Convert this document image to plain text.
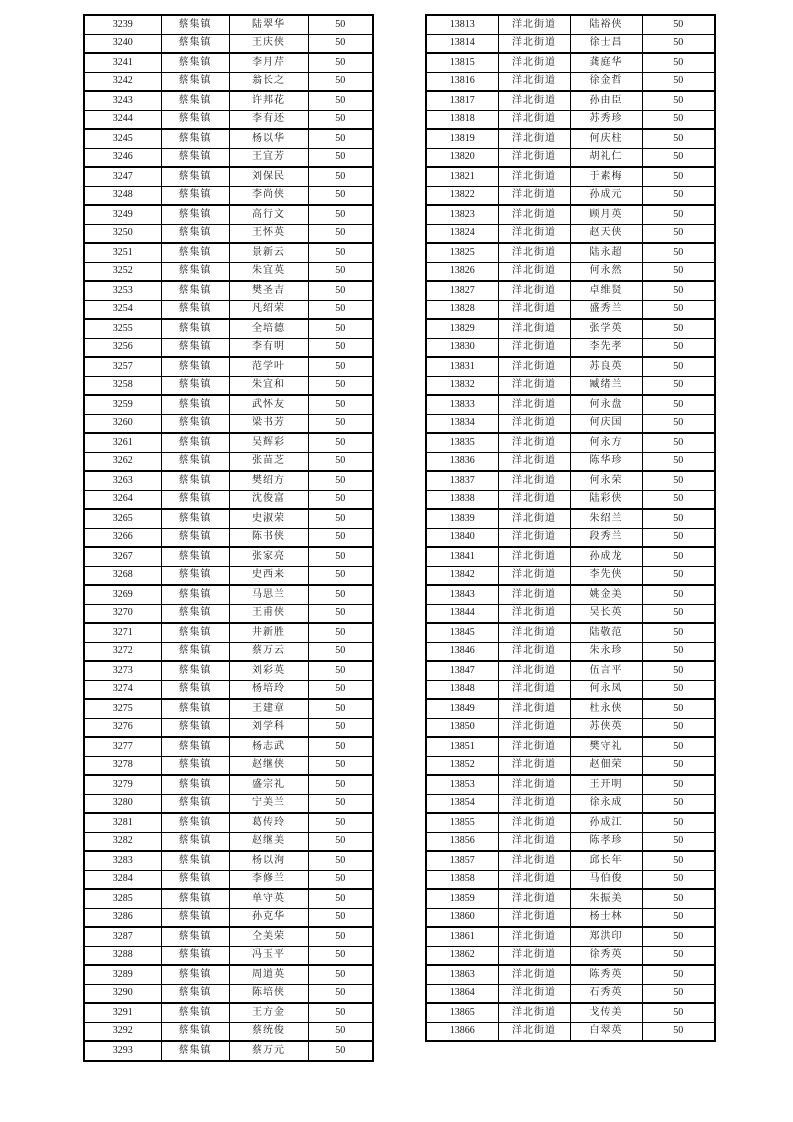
3239	蔡集镇	陆翠华	50
3240	蔡集镇	王庆侠	50
3241	蔡集镇	李月芹	50
3242	蔡集镇	翁长之	50
3243	蔡集镇	许邦花	50
3244	蔡集镇	李有还	50
3245	蔡集镇	杨以华	50
3246	蔡集镇	王宜芳	50
3247	蔡集镇	刘保民	50
3248	蔡集镇	李尚侠	50
3249	蔡集镇	高行文	50
3250	蔡集镇	王怀英	50
3251	蔡集镇	景新云	50
3252	蔡集镇	朱宜英	50
3253	蔡集镇	樊圣吉	50
3254	蔡集镇	凡绍荣	50
3255	蔡集镇	全培德	50
3256	蔡集镇	李有明	50
3257	蔡集镇	范学叶	50
3258	蔡集镇	朱宜和	50
3259	蔡集镇	武怀友	50
3260	蔡集镇	梁书芳	50
3261	蔡集镇	吴辉彩	50
3262	蔡集镇	张苗芝	50
3263	蔡集镇	樊绍方	50
3264	蔡集镇	沈俊富	50
3265	蔡集镇	史淑荣	50
3266	蔡集镇	陈书侠	50
3267	蔡集镇	张家亮	50
3268	蔡集镇	史西来	50
3269	蔡集镇	马思兰	50
3270	蔡集镇	王甫侠	50
3271	蔡集镇	井新胜	50
3272	蔡集镇	蔡万云	50
3273	蔡集镇	刘彩英	50
3274	蔡集镇	杨培玲	50
3275	蔡集镇	王建章	50
3276	蔡集镇	刘学科	50
3277	蔡集镇	杨志武	50
3278	蔡集镇	赵继侠	50
3279	蔡集镇	盛宗礼	50
3280	蔡集镇	宁美兰	50
3281	蔡集镇	葛传玲	50
3282	蔡集镇	赵继美	50
3283	蔡集镇	杨以洵	50
3284	蔡集镇	李修兰	50
3285	蔡集镇	单守英	50
3286	蔡集镇	孙克华	50
3287	蔡集镇	仝美荣	50
3288	蔡集镇	冯玉平	50
3289	蔡集镇	周道英	50
3290	蔡集镇	陈培侠	50
3291	蔡集镇	王方金	50
3292	蔡集镇	蔡统俊	50
3293	蔡集镇	蔡万元	50
13813	洋北街道	陆裕侠	50
13814	洋北街道	徐士昌	50
13815	洋北街道	龚庭华	50
13816	洋北街道	徐金哲	50
13817	洋北街道	孙由臣	50
13818	洋北街道	苏秀珍	50
13819	洋北街道	何庆柱	50
13820	洋北街道	胡礼仁	50
13821	洋北街道	于素梅	50
13822	洋北街道	孙成元	50
13823	洋北街道	顾月英	50
13824	洋北街道	赵天侠	50
13825	洋北街道	陆永超	50
13826	洋北街道	何永然	50
13827	洋北街道	卓维贤	50
13828	洋北街道	盛秀兰	50
13829	洋北街道	张学英	50
13830	洋北街道	李先孝	50
13831	洋北街道	苏良英	50
13832	洋北街道	臧绪兰	50
13833	洋北街道	何永盘	50
13834	洋北街道	何庆国	50
13835	洋北街道	何永方	50
13836	洋北街道	陈华珍	50
13837	洋北街道	何永荣	50
13838	洋北街道	陆彩侠	50
13839	洋北街道	朱绍兰	50
13840	洋北街道	段秀兰	50
13841	洋北街道	孙成龙	50
13842	洋北街道	李先侠	50
13843	洋北街道	姚金美	50
13844	洋北街道	吴长英	50
13845	洋北街道	陆敬范	50
13846	洋北街道	朱永珍	50
13847	洋北街道	伍言平	50
13848	洋北街道	何永凤	50
13849	洋北街道	杜永侠	50
13850	洋北街道	苏侠英	50
13851	洋北街道	樊守礼	50
13852	洋北街道	赵佃荣	50
13853	洋北街道	王开明	50
13854	洋北街道	徐永成	50
13855	洋北街道	孙成江	50
13856	洋北街道	陈孝珍	50
13857	洋北街道	邱长年	50
13858	洋北街道	马伯俊	50
13859	洋北街道	朱振美	50
13860	洋北街道	杨士林	50
13861	洋北街道	郑洪印	50
13862	洋北街道	徐秀英	50
13863	洋北街道	陈秀英	50
13864	洋北街道	石秀英	50
13865	洋北街道	戈传美	50
13866	洋北街道	白翠英	50
